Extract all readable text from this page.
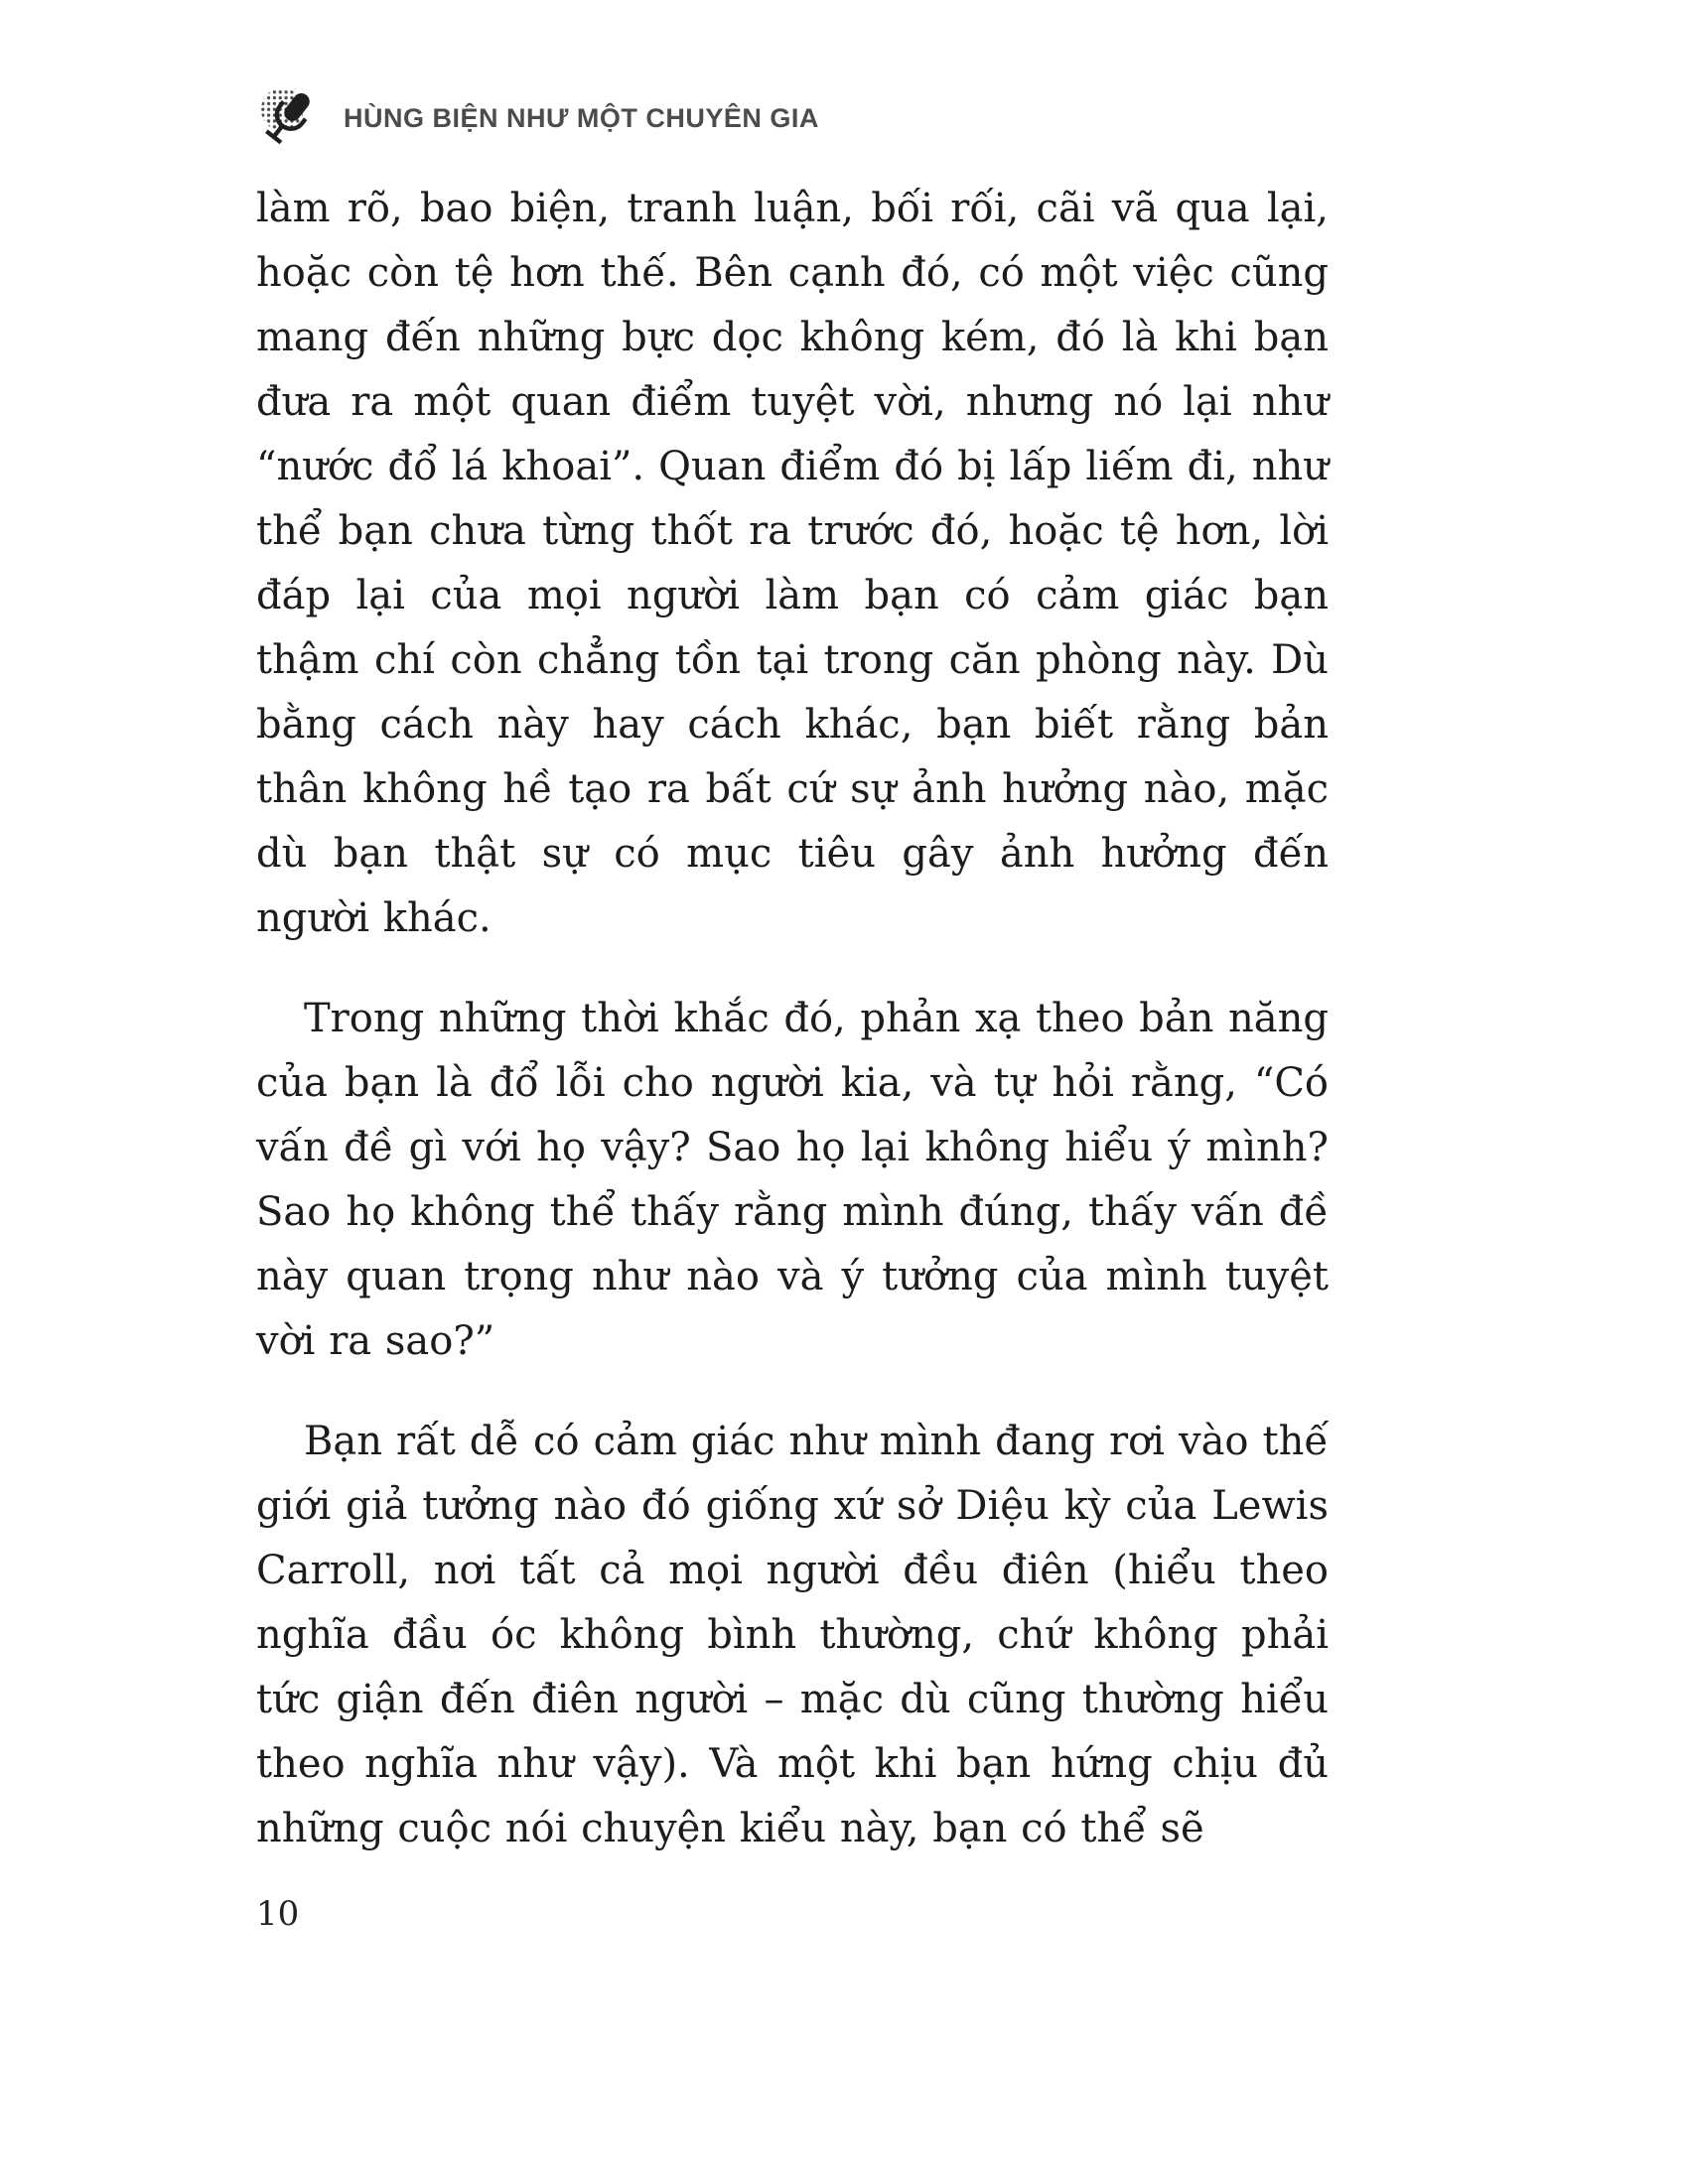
HÙNG BIỆN NHƯ MỘT CHUYÊN GIA

làm rõ, bao biện, tranh luận, bối rối, cãi vã qua lại, hoặc còn tệ hơn thế. Bên cạnh đó, có một việc cũng mang đến những bực dọc không kém, đó là khi bạn đưa ra một quan điểm tuyệt vời, nhưng nó lại như “nước đổ lá khoai”. Quan điểm đó bị lấp liếm đi, như thể bạn chưa từng thốt ra trước đó, hoặc tệ hơn, lời đáp lại của mọi người làm bạn có cảm giác bạn thậm chí còn chẳng tồn tại trong căn phòng này. Dù bằng cách này hay cách khác, bạn biết rằng bản thân không hề tạo ra bất cứ sự ảnh hưởng nào, mặc dù bạn thật sự có mục tiêu gây ảnh hưởng đến người khác.

Trong những thời khắc đó, phản xạ theo bản năng của bạn là đổ lỗi cho người kia, và tự hỏi rằng, “Có vấn đề gì với họ vậy? Sao họ lại không hiểu ý mình? Sao họ không thể thấy rằng mình đúng, thấy vấn đề này quan trọng như nào và ý tưởng của mình tuyệt vời ra sao?”

Bạn rất dễ có cảm giác như mình đang rơi vào thế giới giả tưởng nào đó giống xứ sở Diệu kỳ của Lewis Carroll, nơi tất cả mọi người đều điên (hiểu theo nghĩa đầu óc không bình thường, chứ không phải tức giận đến điên người – mặc dù cũng thường hiểu theo nghĩa như vậy). Và một khi bạn hứng chịu đủ những cuộc nói chuyện kiểu này, bạn có thể sẽ

10
